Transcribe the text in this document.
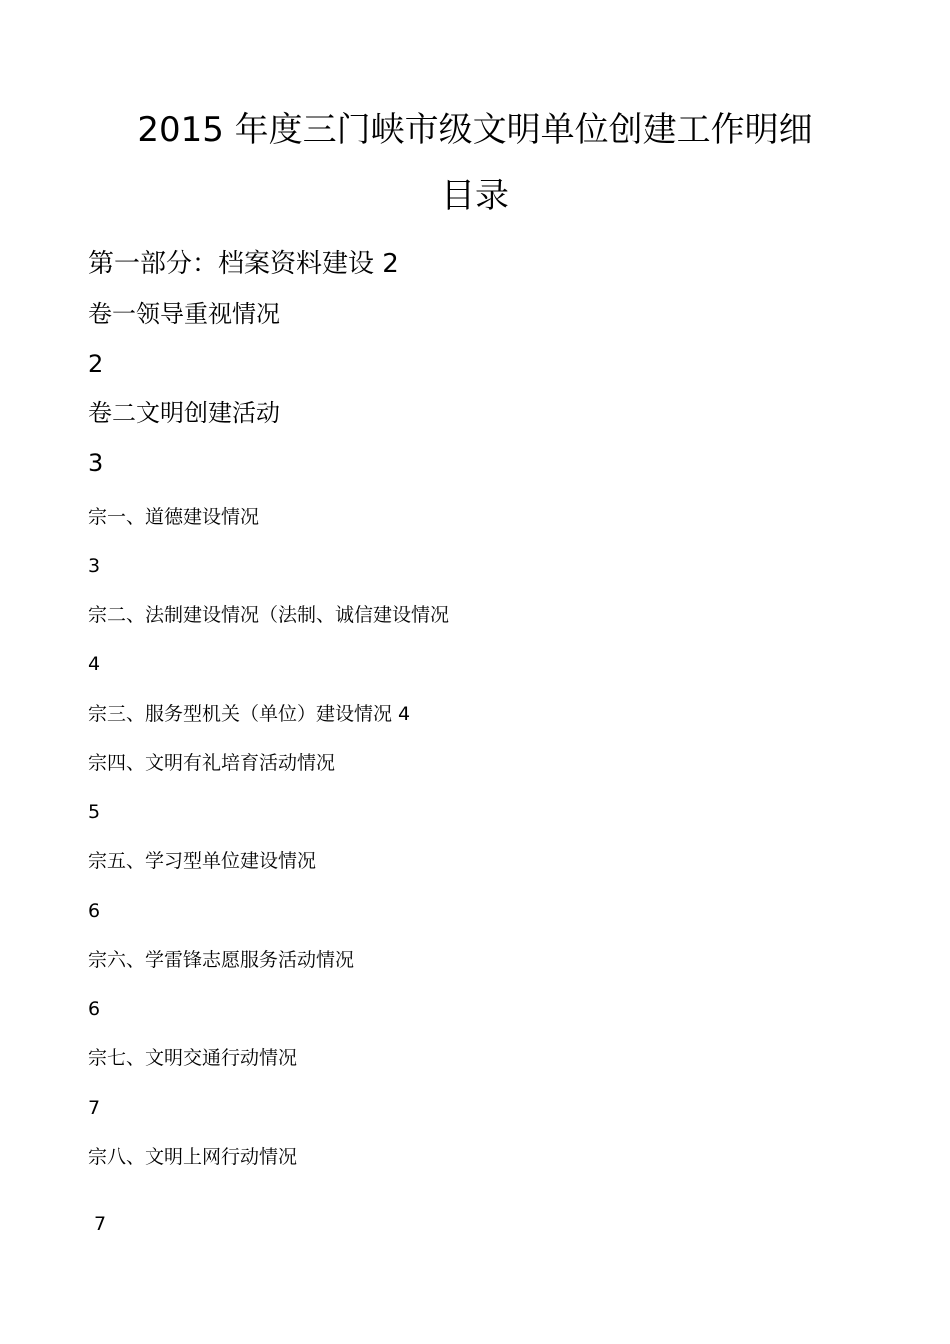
2015 年度三门峡市级文明单位创建工作明细
目录
第一部分：档案资料建设 2
卷一领导重视情况
2
卷二文明创建活动
3
宗一、道德建设情况
3
宗二、法制建设情况（法制、诚信建设情况
4
宗三、服务型机关（单位）建设情况 4
宗四、文明有礼培育活动情况
5
宗五、学习型单位建设情况
6
宗六、学雷锋志愿服务活动情况
6
宗七、文明交通行动情况
7
宗八、文明上网行动情况
7
